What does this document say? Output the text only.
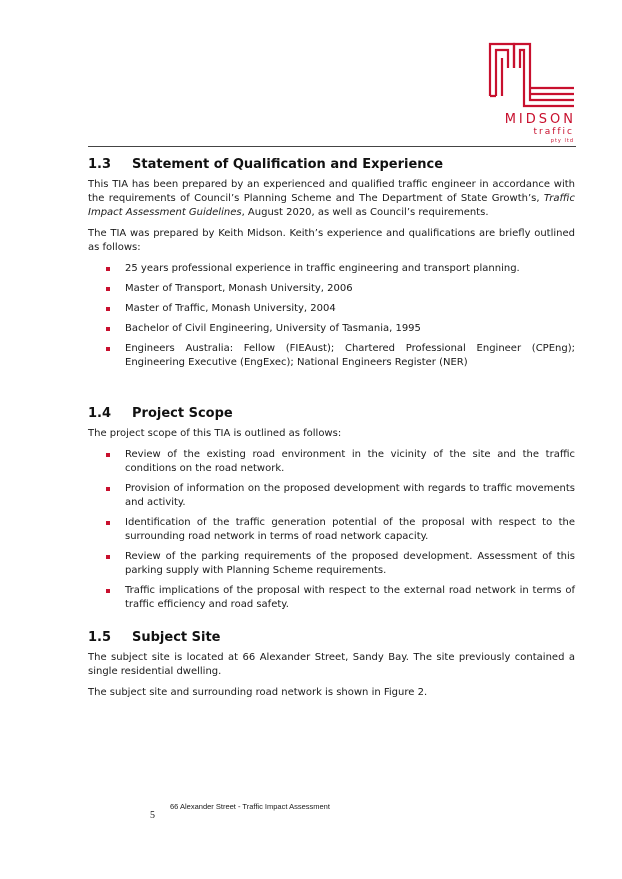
MIDSON
traffic
pty ltd
1.3	Statement of Qualification and Experience

This TIA has been prepared by an experienced and qualified traffic engineer in accordance with the requirements of Council’s Planning Scheme and The Department of State Growth’s, Traffic Impact Assessment Guidelines, August 2020, as well as Council’s requirements.

The TIA was prepared by Keith Midson. Keith’s experience and qualifications are briefly outlined as follows:

25 years professional experience in traffic engineering and transport planning.
Master of Transport, Monash University, 2006
Master of Traffic, Monash University, 2004
Bachelor of Civil Engineering, University of Tasmania, 1995
Engineers Australia: Fellow (FIEAust); Chartered Professional Engineer (CPEng); Engineering Executive (EngExec); National Engineers Register (NER)
1.4	Project Scope

The project scope of this TIA is outlined as follows:

Review of the existing road environment in the vicinity of the site and the traffic conditions on the road network.
Provision of information on the proposed development with regards to traffic movements and activity.
Identification of the traffic generation potential of the proposal with respect to the surrounding road network in terms of road network capacity.
Review of the parking requirements of the proposed development. Assessment of this parking supply with Planning Scheme requirements.
Traffic implications of the proposal with respect to the external road network in terms of traffic efficiency and road safety.
1.5	Subject Site

The subject site is located at 66 Alexander Street, Sandy Bay. The site previously contained a single residential dwelling.

The subject site and surrounding road network is shown in Figure 2.

5
66 Alexander Street - Traffic Impact Assessment
